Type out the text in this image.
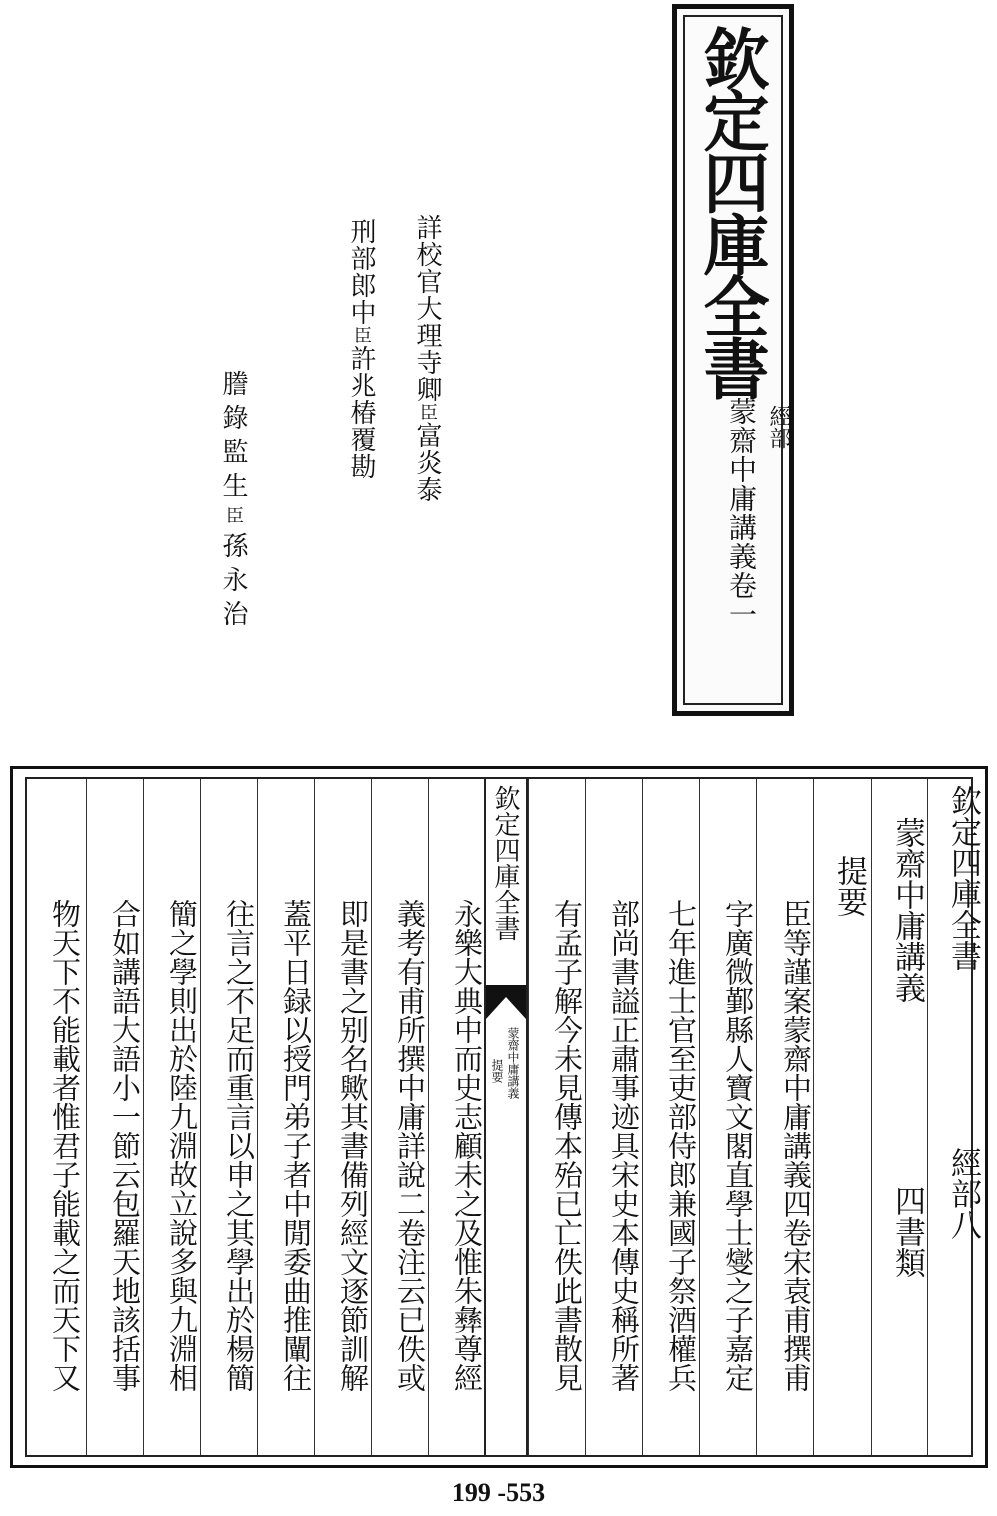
欽定四庫全書
經部
蒙齋中庸講義卷一
詳校官大理寺卿臣富炎泰
刑部郎中臣許兆椿覆勘
謄錄監生臣孫永治
欽定四庫全書
經部八
蒙齋中庸講義
四書類
提要
臣等謹案蒙齋中庸講義四卷宋袁甫撰甫
字廣微鄞縣人寶文閣直學士燮之子嘉定
七年進士官至吏部侍郎兼國子祭酒權兵
部尚書謚正肅事迹具宋史本傳史稱所著
有孟子解今未見傳本殆已亡佚此書散見
欽定四庫全書
蒙齋中庸講義
提要
永樂大典中而史志顧未之及惟朱彝尊經
義考有甫所撰中庸詳說二卷注云已佚或
即是書之别名歟其書備列經文逐節訓解
蓋平日録以授門弟子者中閒委曲推闡往
往言之不足而重言以申之其學出於楊簡
簡之學則出於陸九淵故立說多與九淵相
合如講語大語小一節云包羅天地該括事
物天下不能載者惟君子能載之而天下又
199 -553
